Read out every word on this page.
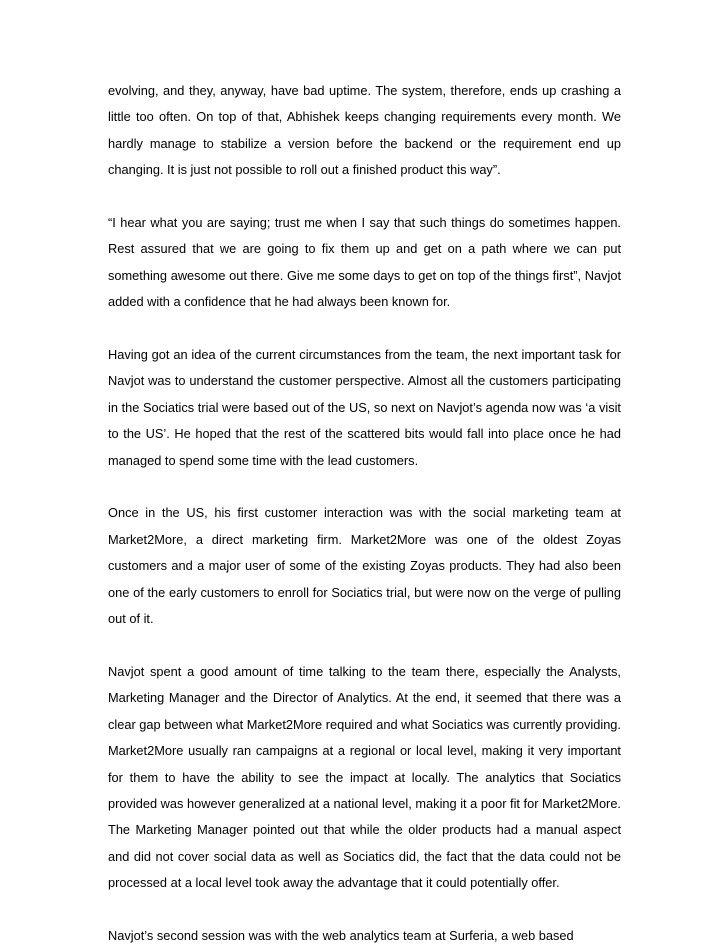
evolving, and they, anyway, have bad uptime. The system, therefore, ends up crashing a little too often. On top of that, Abhishek keeps changing requirements every month. We hardly manage to stabilize a version before the backend or the requirement end up changing. It is just not possible to roll out a finished product this way”.

“I hear what you are saying; trust me when I say that such things do sometimes happen. Rest assured that we are going to fix them up and get on a path where we can put something awesome out there. Give me some days to get on top of the things first”, Navjot added with a confidence that he had always been known for.

Having got an idea of the current circumstances from the team, the next important task for Navjot was to understand the customer perspective. Almost all the customers participating in the Sociatics trial were based out of the US, so next on Navjot’s agenda now was ‘a visit to the US’. He hoped that the rest of the scattered bits would fall into place once he had managed to spend some time with the lead customers.

Once in the US, his first customer interaction was with the social marketing team at Market2More, a direct marketing firm. Market2More was one of the oldest Zoyas customers and a major user of some of the existing Zoyas products. They had also been one of the early customers to enroll for Sociatics trial, but were now on the verge of pulling out of it.

Navjot spent a good amount of time talking to the team there, especially the Analysts, Marketing Manager and the Director of Analytics. At the end, it seemed that there was a clear gap between what Market2More required and what Sociatics was currently providing. Market2More usually ran campaigns at a regional or local level, making it very important for them to have the ability to see the impact at locally. The analytics that Sociatics provided was however generalized at a national level, making it a poor fit for Market2More. The Marketing Manager pointed out that while the older products had a manual aspect and did not cover social data as well as Sociatics did, the fact that the data could not be processed at a local level took away the advantage that it could potentially offer.

Navjot’s second session was with the web analytics team at Surferia, a web based
